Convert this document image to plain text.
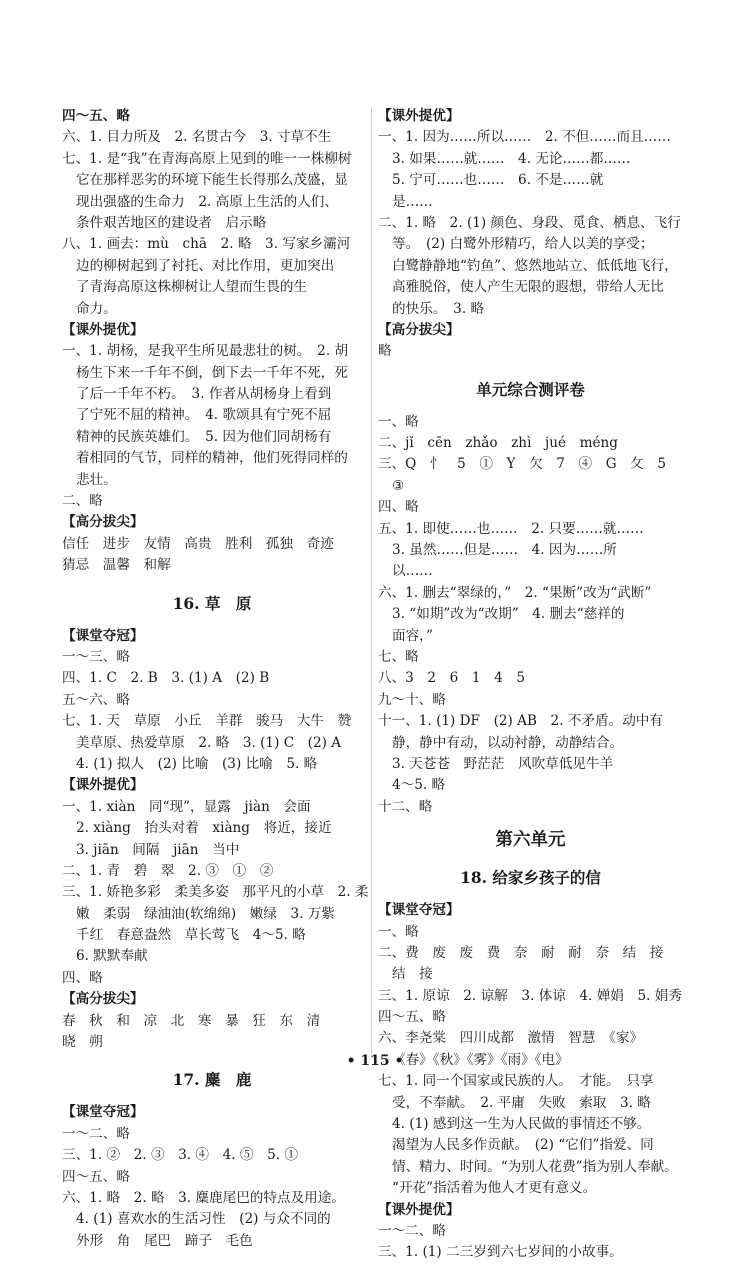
四～五、略
六、1. 目力所及　2. 名贯古今　3. 寸草不生
七、1. 是“我”在青海高原上见到的唯一一株柳树
它在那样恶劣的环境下能生长得那么茂盛，显
现出强盛的生命力　2. 高原上生活的人们、
条件艰苦地区的建设者　启示略
八、1. 画去：mù　chā　2. 略　3. 写家乡灞河
边的柳树起到了衬托、对比作用，更加突出
了青海高原这株柳树让人望而生畏的生
命力。
【课外提优】
一、1. 胡杨，是我平生所见最悲壮的树。　2. 胡
杨生下来一千年不倒，倒下去一千年不死，死
了后一千年不朽。　3. 作者从胡杨身上看到
了宁死不屈的精神。　4. 歌颂具有宁死不屈
精神的民族英雄们。　5. 因为他们同胡杨有
着相同的气节，同样的精神，他们死得同样的
悲壮。
二、略
【高分拔尖】
信任　进步　友情　高贵　胜利　孤独　奇迹
猜忌　温馨　和解
16. 草　原
【课堂夺冠】
一～三、略
四、1. C　2. B　3. (1) A　(2) B
五～六、略
七、1. 天　草原　小丘　羊群　骏马　大牛　赞
美草原、热爱草原　2. 略　3. (1) C　(2) A
4. (1) 拟人　(2) 比喻　(3) 比喻　5. 略
【课外提优】
一、1. xiàn　同“现”，显露　jiàn　会面
2. xiàng　抬头对着　xiàng　将近，接近
3. jiān　间隔　jiān　当中
二、1. 青　碧　翠　2. ③　①　②
三、1. 娇艳多彩　柔美多姿　那平凡的小草　2. 柔
嫩　柔弱　绿油油(软绵绵)　嫩绿　3. 万紫
千红　春意盎然　草长莺飞　4～5. 略
6. 默默奉献
四、略
【高分拔尖】
春　秋　和　凉　北　寒　暴　狂　东　清
晓　朔
17. 麋　鹿
【课堂夺冠】
一～二、略
三、1. ②　2. ③　3. ④　4. ⑤　5. ①
四～五、略
六、1. 略　2. 略　3. 麋鹿尾巴的特点及用途。
4. (1) 喜欢水的生活习性　(2) 与众不同的
外形　角　尾巴　蹄子　毛色
【课外提优】
一、1. 因为……所以……　2. 不但……而且……
3. 如果……就……　4. 无论……都……
5. 宁可……也……　6. 不是……就
是……
二、1. 略　2. (1) 颜色、身段、觅食、栖息、飞行
等。　(2) 白鹭外形精巧，给人以美的享受；
白鹭静静地“钓鱼”、悠然地站立、低低地飞行，
高雅脱俗，使人产生无限的遐想，带给人无比
的快乐。　3. 略
【高分拔尖】
略
单元综合测评卷
一、略
二、jǐ　cēn　zhǎo　zhì　jué　méng
三、Q　忄　5　①　Y　欠　7　④　G　攵　5
③
四、略
五、1. 即使……也……　2. 只要……就……
3. 虽然……但是……　4. 因为……所
以……
六、1. 删去“翠绿的，”　2. “果断”改为“武断”
3. “如期”改为“改期”　4. 删去“慈祥的
面容，”
七、略
八、3　2　6　1　4　5
九～十、略
十一、1. (1) DF　(2) AB　2. 不矛盾。动中有
静，静中有动，以动衬静，动静结合。
3. 天苍苍　野茫茫　风吹草低见牛羊
4～5. 略
十二、略
第六单元
18. 给家乡孩子的信
【课堂夺冠】
一、略
二、费　废　废　费　奈　耐　耐　奈　结　接
结　接
三、1. 原谅　2. 谅解　3. 体谅　4. 婵娟　5. 娟秀
四～五、略
六、李尧棠　四川成都　激情　智慧　《家》
《春》《秋》《雾》《雨》《电》
七、1. 同一个国家或民族的人。　才能。　只享
受，不奉献。　2. 平庸　失败　索取　3. 略
4. (1) 感到这一生为人民做的事情还不够。
渴望为人民多作贡献。　(2) “它们”指爱、同
情、精力、时间。“为别人花费”指为别人奉献。
“开花”指活着为他人才更有意义。
【课外提优】
一～二、略
三、1. (1) 二三岁到六七岁间的小故事。
• 115 •
